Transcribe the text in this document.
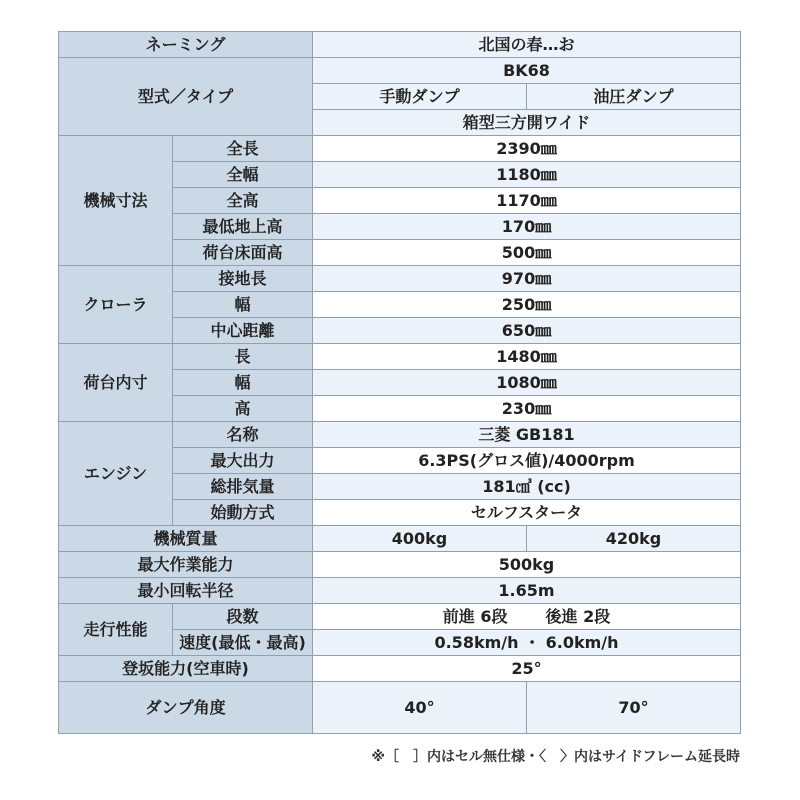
ネーミング		北国の春…お	
型式／タイプ		BK68	
		手動ダンプ	油圧ダンプ
		箱型三方開ワイド	
機械寸法	全長	2390㎜	
	全幅	1180㎜	
	全高	1170㎜	
	最低地上高	170㎜	
	荷台床面高	500㎜	
クローラ	接地長	970㎜	
	幅	250㎜	
	中心距離	650㎜	
荷台内寸	長	1480㎜	
	幅	1080㎜	
	高	230㎜	
エンジン	名称	三菱 GB181	
	最大出力	6.3PS(グロス値)/4000rpm	
	総排気量	181㎤ (cc)	
	始動方式	セルフスタータ	
機械質量		400kg	420kg
最大作業能力		500kg	
最小回転半径		1.65m	
走行性能	段数	前進 6段 後進 2段	
	速度(最低・最高)	0.58km/h ・ 6.0km/h	
登坂能力(空車時)		25°	
ダンプ角度		40°	70°
※［　］内はセル無仕様・〈　〉内はサイドフレーム延長時
